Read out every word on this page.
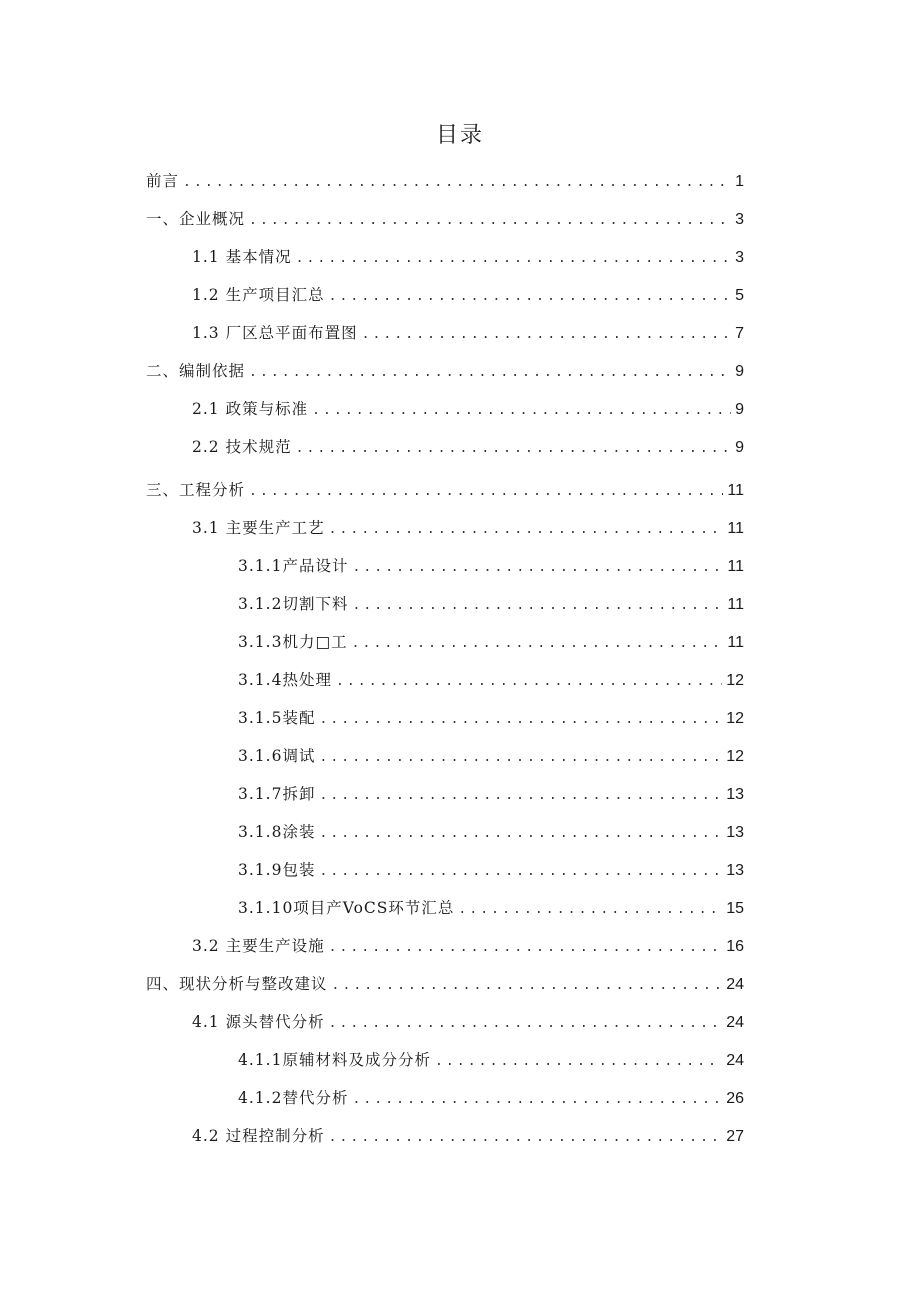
目录
前言 .....	1
一、企业概况 .....	3
1.1 基本情况 .....	3
1.2 生产项目汇总 .....	5
1.3 厂区总平面布置图 .....	7
二、编制依据 .....	9
2.1 政策与标准 .....	9
2.2 技术规范 .....	9
三、工程分析 .....	11
3.1 主要生产工艺 .....	11
3.1.1产品设计 .....	11
3.1.2切割下料 .....	11
3.1.3机力□工 .....	11
3.1.4热处理 .....	12
3.1.5装配 .....	12
3.1.6调试 .....	12
3.1.7拆卸 .....	13
3.1.8涂装 .....	13
3.1.9包装 .....	13
3.1.10项目产VoCS环节汇总 .....	15
3.2 主要生产设施 .....	16
四、现状分析与整改建议 .....	24
4.1 源头替代分析 .....	24
4.1.1原辅材料及成分分析 .....	24
4.1.2替代分析 .....	26
4.2 过程控制分析 .....	27
